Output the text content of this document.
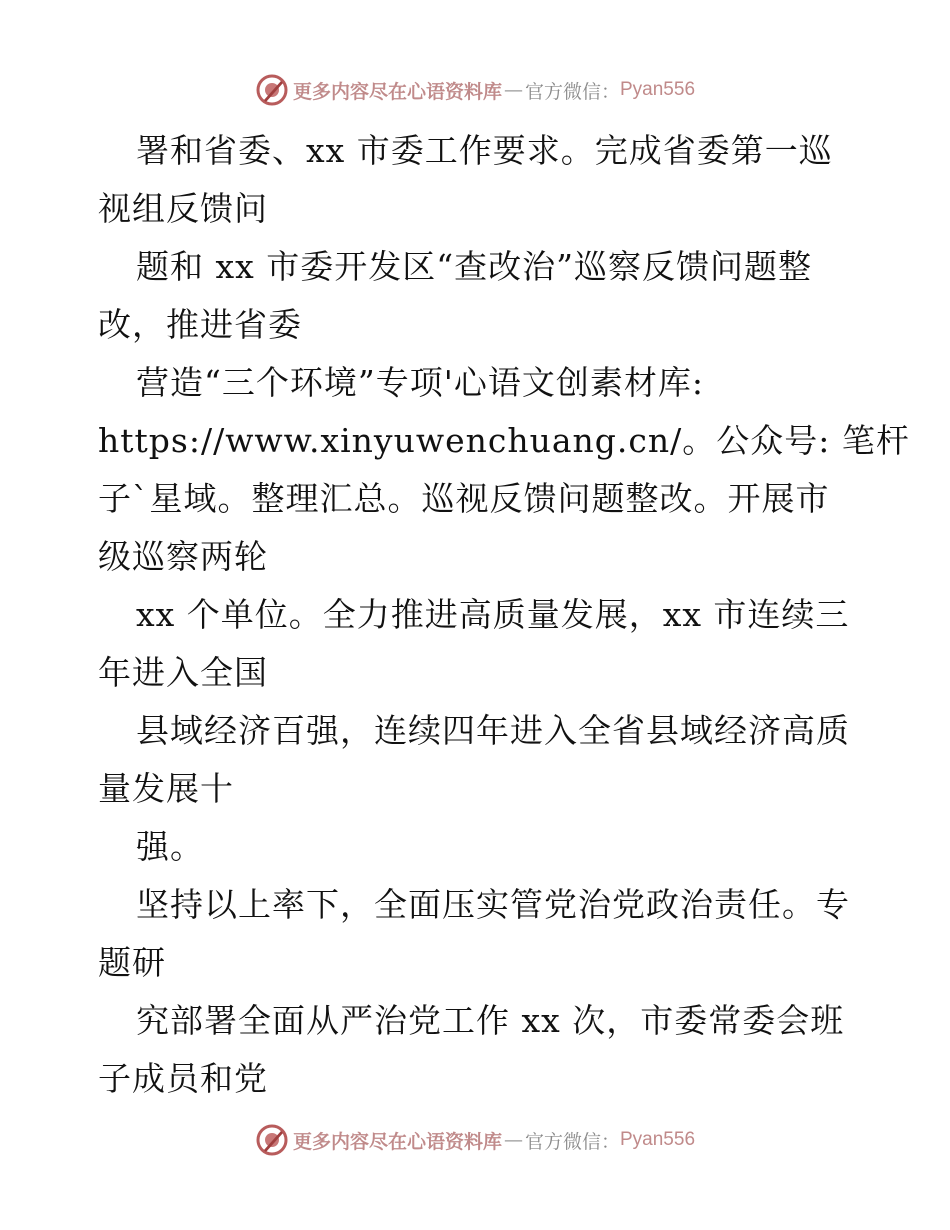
更多内容尽在心语资料库 — 官方微信： Pyan556
署和省委、xx 市委工作要求。完成省委第一巡
视组反馈问
题和 xx 市委开发区“查改治”巡察反馈问题整
改，推进省委
营造“三个环境”专项'心语文创素材库:
https://www.xinyuwenchuang.cn/。公众号: 笔杆
子`星域。整理汇总。巡视反馈问题整改。开展市
级巡察两轮
xx 个单位。全力推进高质量发展，xx 市连续三
年进入全国
县域经济百强，连续四年进入全省县域经济高质
量发展十
强。
坚持以上率下，全面压实管党治党政治责任。专
题研
究部署全面从严治党工作 xx 次，市委常委会班
子成员和党
更多内容尽在心语资料库 — 官方微信： Pyan556
